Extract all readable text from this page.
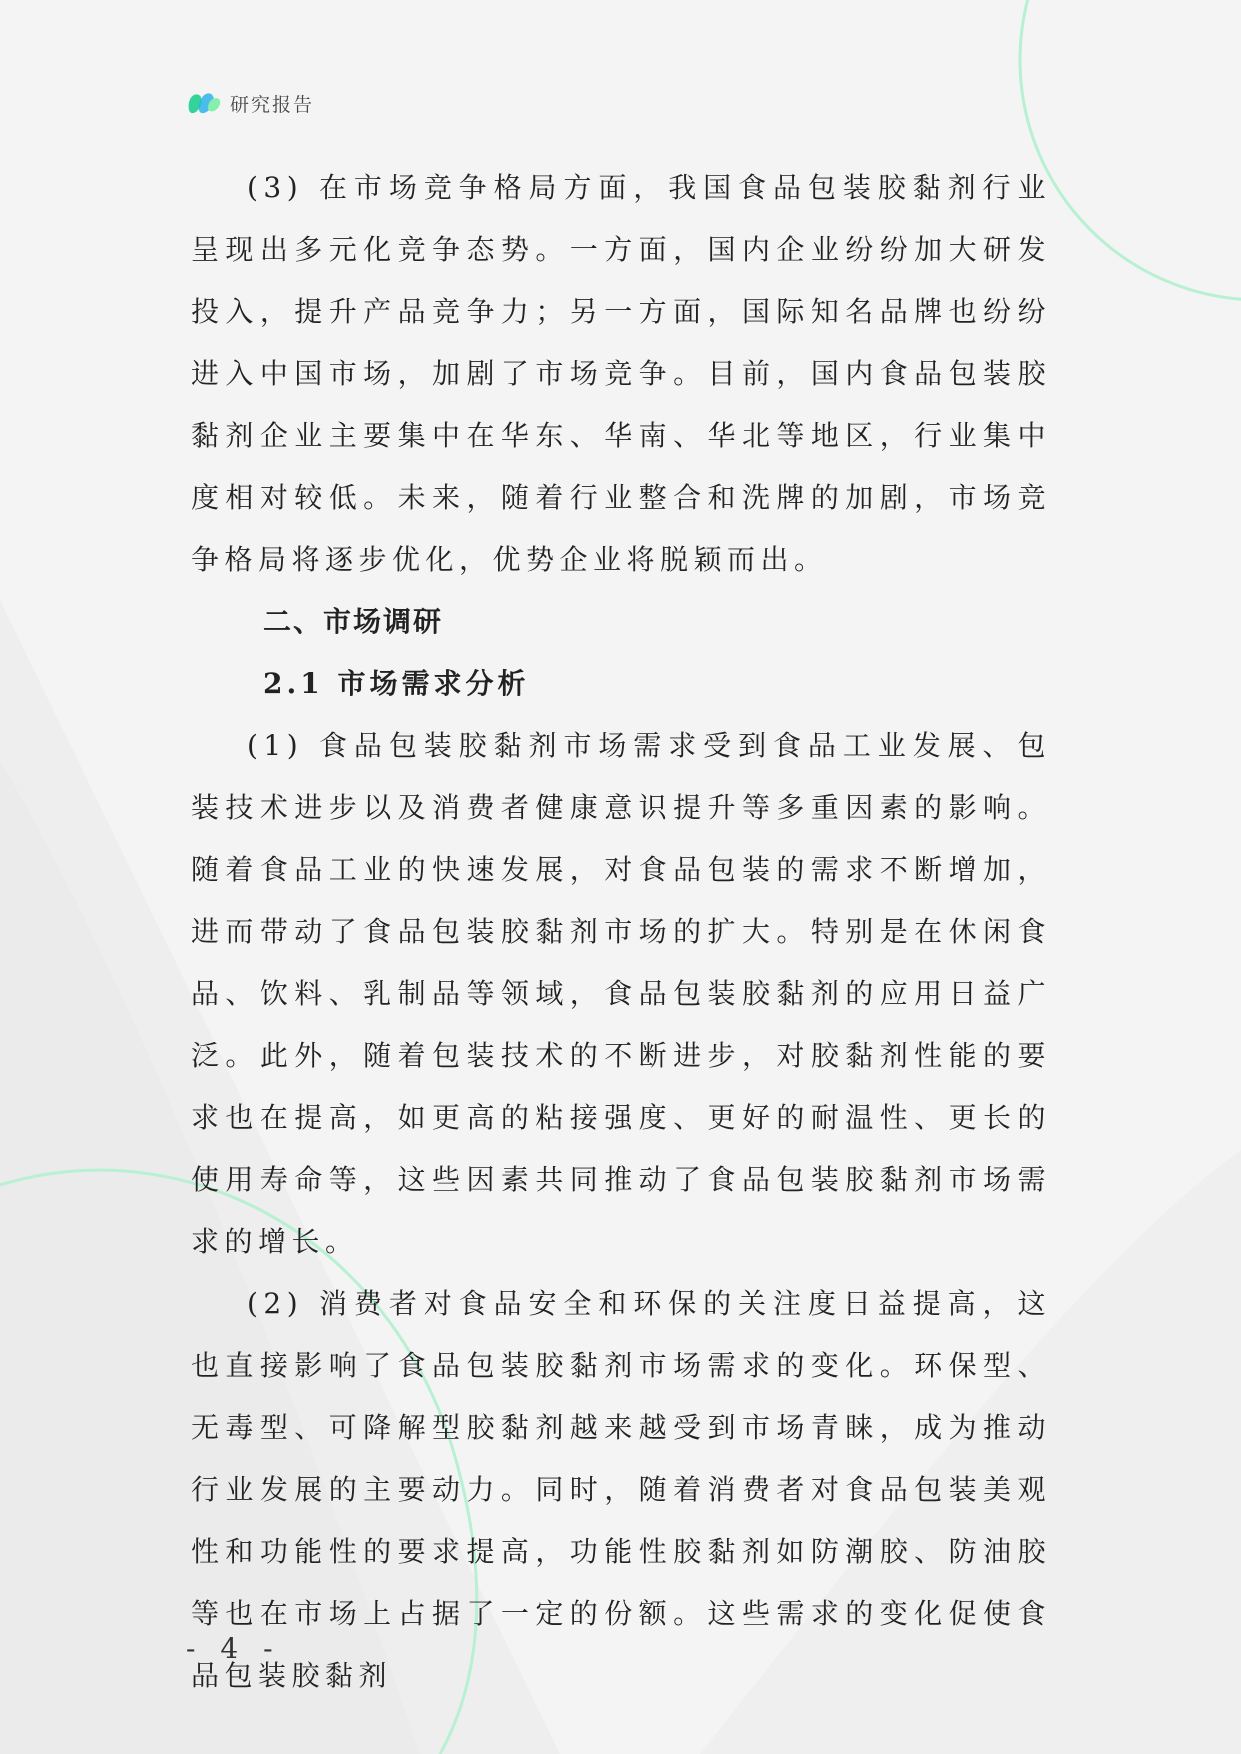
研究报告

(3) 在市场竞争格局方面，我国食品包装胶黏剂行业呈现出多元化竞争态势。一方面，国内企业纷纷加大研发投入，提升产品竞争力；另一方面，国际知名品牌也纷纷进入中国市场，加剧了市场竞争。目前，国内食品包装胶黏剂企业主要集中在华东、华南、华北等地区，行业集中度相对较低。未来，随着行业整合和洗牌的加剧，市场竞争格局将逐步优化，优势企业将脱颖而出。

二、市场调研
2.1 市场需求分析

(1) 食品包装胶黏剂市场需求受到食品工业发展、包装技术进步以及消费者健康意识提升等多重因素的影响。随着食品工业的快速发展，对食品包装的需求不断增加，进而带动了食品包装胶黏剂市场的扩大。特别是在休闲食品、饮料、乳制品等领域，食品包装胶黏剂的应用日益广泛。此外，随着包装技术的不断进步，对胶黏剂性能的要求也在提高，如更高的粘接强度、更好的耐温性、更长的使用寿命等，这些因素共同推动了食品包装胶黏剂市场需求的增长。

(2) 消费者对食品安全和环保的关注度日益提高，这也直接影响了食品包装胶黏剂市场需求的变化。环保型、无毒型、可降解型胶黏剂越来越受到市场青睐，成为推动行业发展的主要动力。同时，随着消费者对食品包装美观性和功能性的要求提高，功能性胶黏剂如防潮胶、防油胶等也在市场上占据了一定的份额。这些需求的变化促使食品包装胶黏剂

- 4 -
